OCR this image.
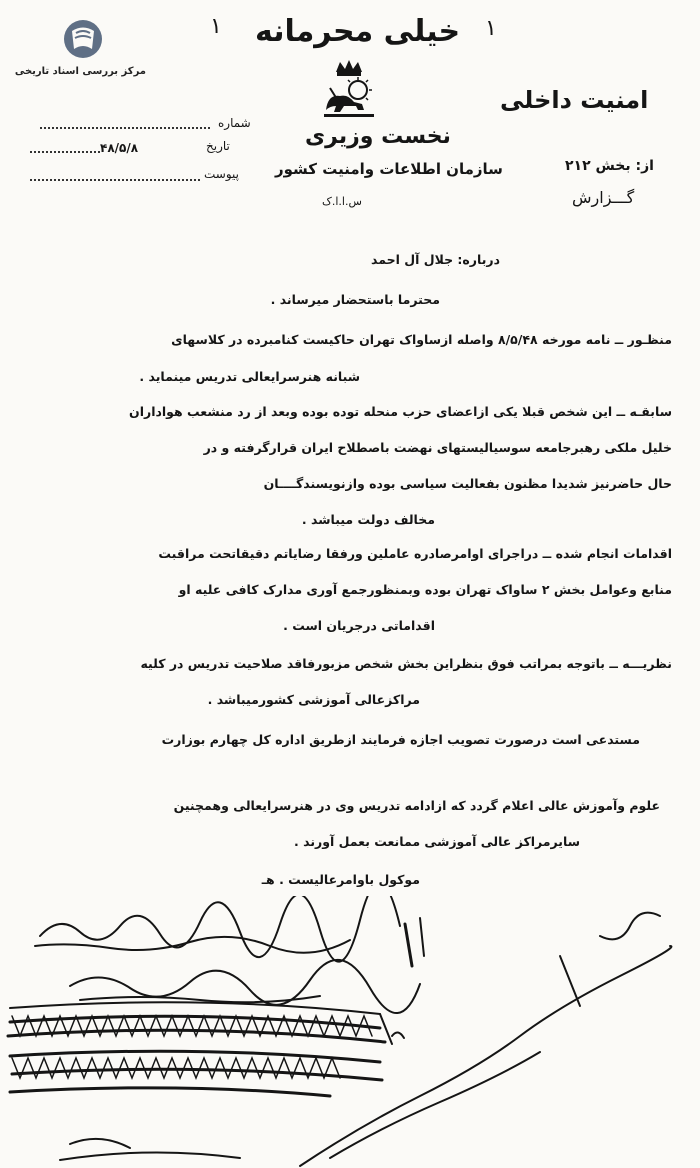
مرکز بررسی اسناد تاریخی
۱ خیلی محرمانه ۱
نخست وزیری
سازمان اطلاعات وامنیت کشور
س.ا.ا.ک
امنیت داخلی
از: بخش ۲۱۲
گـــزارش
شماره
تاریخ
۴۸/۵/۸
پیوست
درباره: جلال آل احمد
محترما باستحضار میرساند .
منظـور ــ نامه مورخه ۸/۵/۴۸ واصله ازساواک تهران حاکیست کنامبرده در کلاسهای
شبانه هنرسرایعالی تدریس مینماید .
سابقـه ــ این شخص قبلا یکی ازاعضای حزب منحله توده بوده وبعد از رد منشعب هواداران
خلیل ملکی رهبرجامعه سوسیالیستهای نهضت باصطلاح ایران قرارگرفته و در
حال حاضرنیز شدیدا مظنون بفعالیت سیاسی بوده وازنویسندگــــان
مخالف دولت میباشد .
اقدامات انجام شده ــ دراجرای اوامرصادره عاملین ورفقا رضایاتم دقیقاتحت مراقبت
منابع وعوامل بخش ۲ ساواک تهران بوده وبمنظورجمع آوری مدارک کافی علیه او
اقداماتی درجریان است .
نظریـــه ــ باتوجه بمراتب فوق بنظراین بخش شخص مزبورفاقد صلاحیت تدریس در کلیه
مراکزعالی آموزشی کشورمیباشد .
مستدعی است درصورت تصویب اجازه فرمایند ازطریق اداره کل چهارم بوزارت
علوم وآموزش عالی اعلام گردد که ازادامه تدریس وی در هنرسرایعالی وهمچنین
سایرمراکز عالی آموزشی ممانعت بعمل آورند .
موکول باوامرعالیست . هـ
